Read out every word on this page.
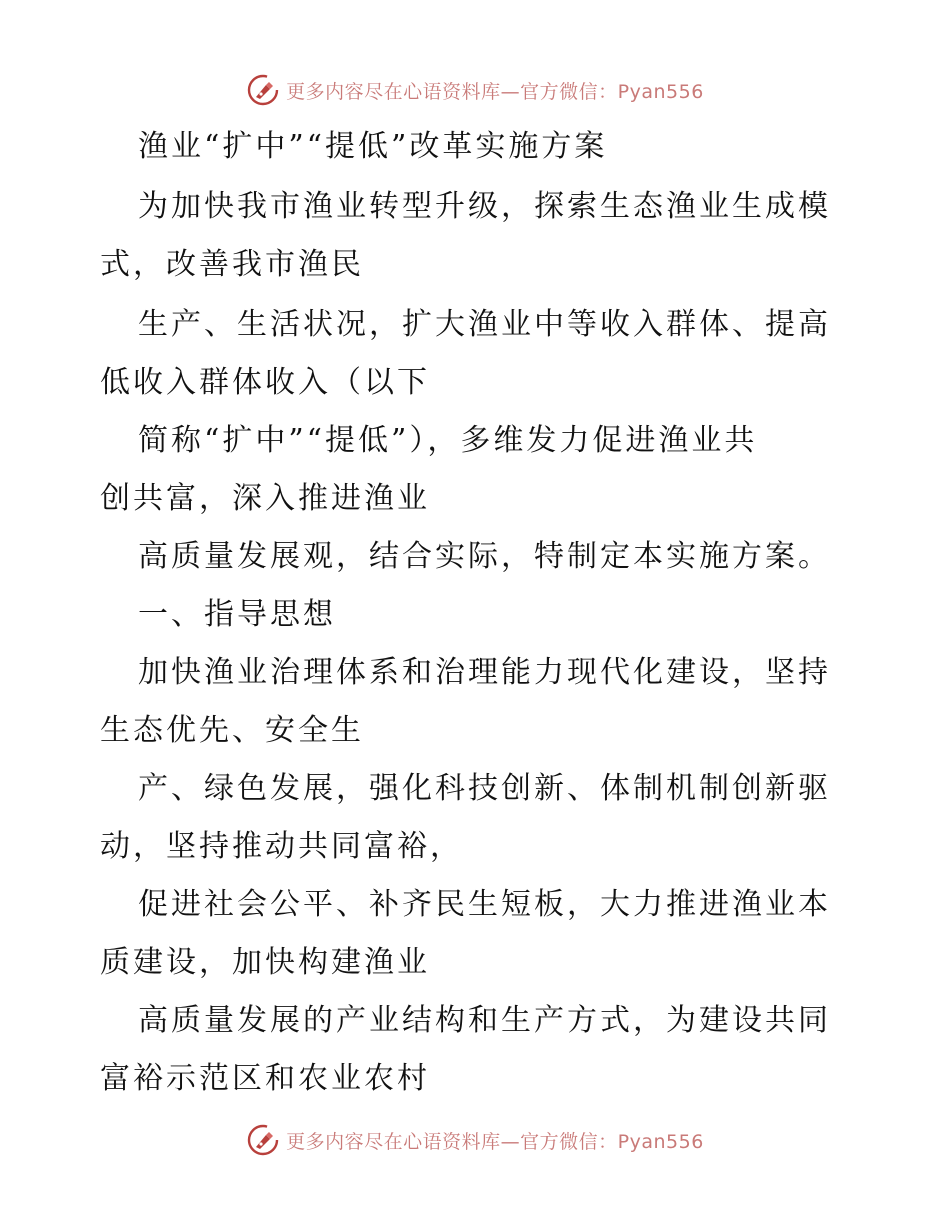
更多内容尽在心语资料库—官方微信：Pyan556
渔业“扩中”“提低”改革实施方案
为加快我市渔业转型升级，探索生态渔业生成模
式，改善我市渔民
生产、生活状况，扩大渔业中等收入群体、提高
低收入群体收入（以下
简称“扩中”“提低”），多维发力促进渔业共
创共富，深入推进渔业
高质量发展观，结合实际，特制定本实施方案。
一、指导思想
加快渔业治理体系和治理能力现代化建设，坚持
生态优先、安全生
产、绿色发展，强化科技创新、体制机制创新驱
动，坚持推动共同富裕，
促进社会公平、补齐民生短板，大力推进渔业本
质建设，加快构建渔业
高质量发展的产业结构和生产方式，为建设共同
富裕示范区和农业农村
更多内容尽在心语资料库—官方微信：Pyan556
